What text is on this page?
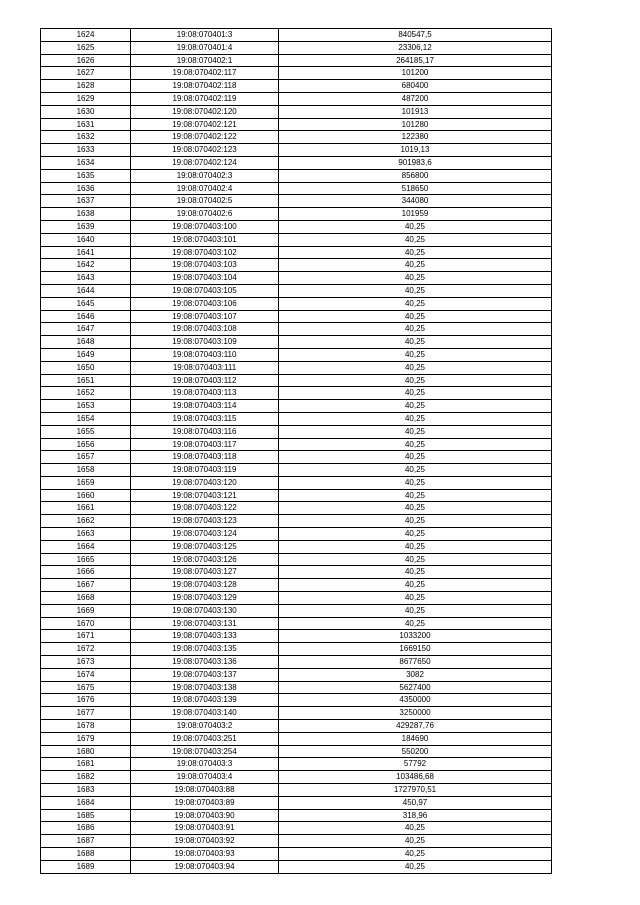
1624	19:08:070401:3	840547,5
1625	19:08:070401:4	23306,12
1626	19:08:070402:1	264185,17
1627	19:08:070402:117	101200
1628	19:08:070402:118	680400
1629	19:08:070402:119	487200
1630	19:08:070402:120	101913
1631	19:08:070402:121	101280
1632	19:08:070402:122	122380
1633	19:08:070402:123	1019,13
1634	19:08:070402:124	901983,6
1635	19:08:070402:3	856800
1636	19:08:070402:4	518650
1637	19:08:070402:5	344080
1638	19:08:070402:6	101959
1639	19:08:070403:100	40,25
1640	19:08:070403:101	40,25
1641	19:08:070403:102	40,25
1642	19:08:070403:103	40,25
1643	19:08:070403:104	40,25
1644	19:08:070403:105	40,25
1645	19:08:070403:106	40,25
1646	19:08:070403:107	40,25
1647	19:08:070403:108	40,25
1648	19:08:070403:109	40,25
1649	19:08:070403:110	40,25
1650	19:08:070403:111	40,25
1651	19:08:070403:112	40,25
1652	19:08:070403:113	40,25
1653	19:08:070403:114	40,25
1654	19:08:070403:115	40,25
1655	19:08:070403:116	40,25
1656	19:08:070403:117	40,25
1657	19:08:070403:118	40,25
1658	19:08:070403:119	40,25
1659	19:08:070403:120	40,25
1660	19:08:070403:121	40,25
1661	19:08:070403:122	40,25
1662	19:08:070403:123	40,25
1663	19:08:070403:124	40,25
1664	19:08:070403:125	40,25
1665	19:08:070403:126	40,25
1666	19:08:070403:127	40,25
1667	19:08:070403:128	40,25
1668	19:08:070403:129	40,25
1669	19:08:070403:130	40,25
1670	19:08:070403:131	40,25
1671	19:08:070403:133	1033200
1672	19:08:070403:135	1669150
1673	19:08:070403:136	8677650
1674	19:08:070403:137	3082
1675	19:08:070403:138	5627400
1676	19:08:070403:139	4350000
1677	19:08:070403:140	3250000
1678	19:08:070403:2	429287,76
1679	19:08:070403:251	184690
1680	19:08:070403:254	550200
1681	19:08:070403:3	57792
1682	19:08:070403:4	103486,68
1683	19:08:070403:88	1727970,51
1684	19:08:070403:89	450,97
1685	19:08:070403:90	318,96
1686	19:08:070403:91	40,25
1687	19:08:070403:92	40,25
1688	19:08:070403:93	40,25
1689	19:08:070403:94	40,25
